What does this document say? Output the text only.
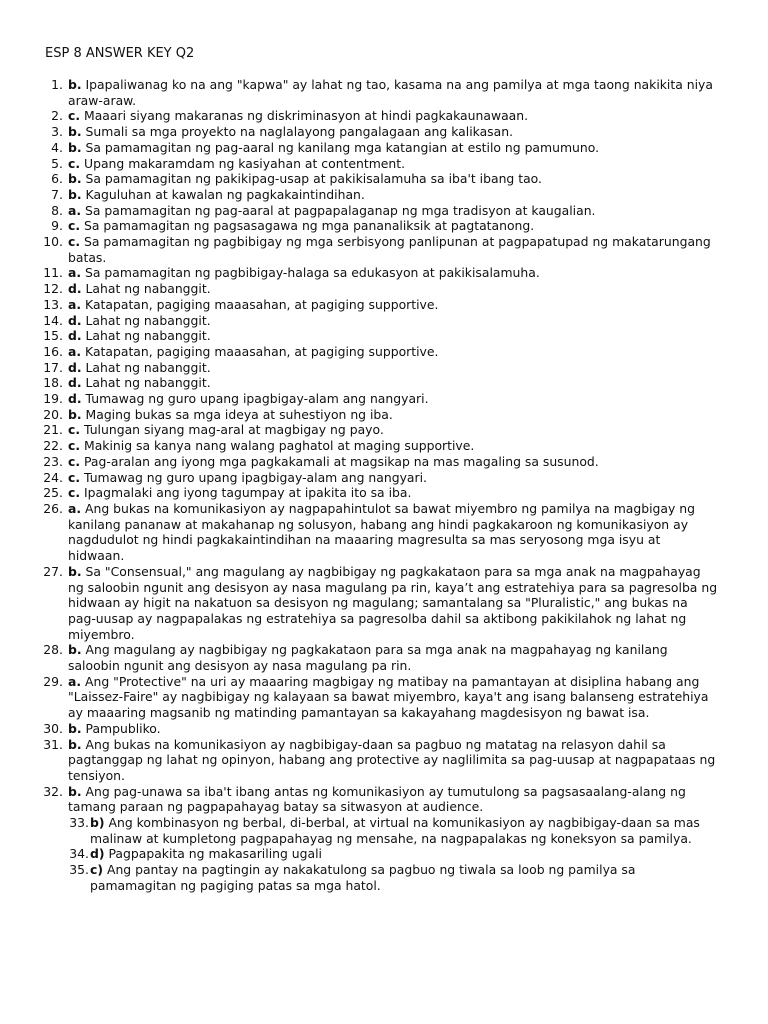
ESP 8 ANSWER KEY Q2
1. b. Ipapaliwanag ko na ang "kapwa" ay lahat ng tao, kasama na ang pamilya at mga taong nakikita niya araw-araw.
2. c. Maaari siyang makaranas ng diskriminasyon at hindi pagkakaunawaan.
3. b. Sumali sa mga proyekto na naglalayong pangalagaan ang kalikasan.
4. b. Sa pamamagitan ng pag-aaral ng kanilang mga katangian at estilo ng pamumuno.
5. c. Upang makaramdam ng kasiyahan at contentment.
6. b. Sa pamamagitan ng pakikipag-usap at pakikisalamuha sa iba't ibang tao.
7. b. Kaguluhan at kawalan ng pagkakaintindihan.
8. a. Sa pamamagitan ng pag-aaral at pagpapalaganap ng mga tradisyon at kaugalian.
9. c. Sa pamamagitan ng pagsasagawa ng mga pananaliksik at pagtatanong.
10. c. Sa pamamagitan ng pagbibigay ng mga serbisyong panlipunan at pagpapatupad ng makatarungang batas.
11. a. Sa pamamagitan ng pagbibigay-halaga sa edukasyon at pakikisalamuha.
12. d. Lahat ng nabanggit.
13. a. Katapatan, pagiging maaasahan, at pagiging supportive.
14. d. Lahat ng nabanggit.
15. d. Lahat ng nabanggit.
16. a. Katapatan, pagiging maaasahan, at pagiging supportive.
17. d. Lahat ng nabanggit.
18. d. Lahat ng nabanggit.
19. d. Tumawag ng guro upang ipagbigay-alam ang nangyari.
20. b. Maging bukas sa mga ideya at suhestiyon ng iba.
21. c. Tulungan siyang mag-aral at magbigay ng payo.
22. c. Makinig sa kanya nang walang paghatol at maging supportive.
23. c. Pag-aralan ang iyong mga pagkakamali at magsikap na mas magaling sa susunod.
24. c. Tumawag ng guro upang ipagbigay-alam ang nangyari.
25. c. Ipagmalaki ang iyong tagumpay at ipakita ito sa iba.
26. a. Ang bukas na komunikasiyon ay nagpapahintulot sa bawat miyembro ng pamilya na magbigay ng kanilang pananaw at makahanap ng solusyon, habang ang hindi pagkakaroon ng komunikasiyon ay nagdudulot ng hindi pagkakaintindihan na maaaring magresulta sa mas seryosong mga isyu at hidwaan.
27. b. Sa "Consensual," ang magulang ay nagbibigay ng pagkakataon para sa mga anak na magpahayag ng saloobin ngunit ang desisyon ay nasa magulang pa rin, kaya’t ang estratehiya para sa pagresolba ng hidwaan ay higit na nakatuon sa desisyon ng magulang; samantalang sa "Pluralistic," ang bukas na pag-uusap ay nagpapalakas ng estratehiya sa pagresolba dahil sa aktibong pakikilahok ng lahat ng miyembro.
28. b. Ang magulang ay nagbibigay ng pagkakataon para sa mga anak na magpahayag ng kanilang saloobin ngunit ang desisyon ay nasa magulang pa rin.
29. a. Ang "Protective" na uri ay maaaring magbigay ng matibay na pamantayan at disiplina habang ang "Laissez-Faire" ay nagbibigay ng kalayaan sa bawat miyembro, kaya't ang isang balanseng estratehiya ay maaaring magsanib ng matinding pamantayan sa kakayahang magdesisyon ng bawat isa.
30. b. Pampubliko.
31. b. Ang bukas na komunikasiyon ay nagbibigay-daan sa pagbuo ng matatag na relasyon dahil sa pagtanggap ng lahat ng opinyon, habang ang protective ay naglilimita sa pag-uusap at nagpapataas ng tensiyon.
32. b. Ang pag-unawa sa iba't ibang antas ng komunikasiyon ay tumutulong sa pagsasaalang-alang ng tamang paraan ng pagpapahayag batay sa sitwasyon at audience.
33. b) Ang kombinasyon ng berbal, di-berbal, at virtual na komunikasiyon ay nagbibigay-daan sa mas malinaw at kumpletong pagpapahayag ng mensahe, na nagpapalakas ng koneksyon sa pamilya.
34. d) Pagpapakita ng makasariling ugali
35. c) Ang pantay na pagtingin ay nakakatulong sa pagbuo ng tiwala sa loob ng pamilya sa pamamagitan ng pagiging patas sa mga hatol.
